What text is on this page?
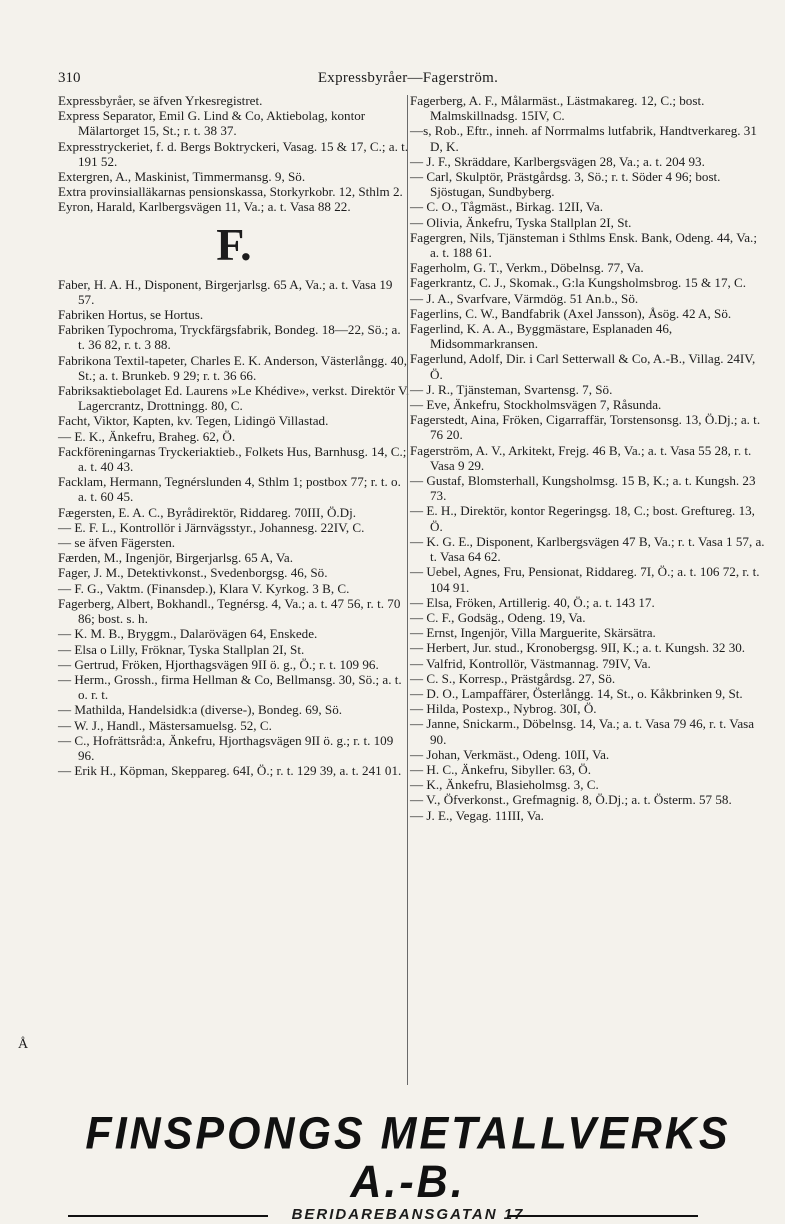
310	Expressbyråer—Fagerström.

Expressbyråer, se äfven Yrkesregistret.

Express Separator, Emil G. Lind & Co, Aktiebolag, kontor Mälartorget 15, St.; r. t. 38 37.

Expresstryckeriet, f. d. Bergs Boktryckeri, Vasag. 15 & 17, C.; a. t. 191 52.

Extergren, A., Maskinist, Timmermansg. 9, Sö.

Extra provinsialläkarnas pensionskassa, Storkyrkobr. 12, Sthlm 2.

Eyron, Harald, Karlbergsvägen 11, Va.; a. t. Vasa 88 22.

F.

Faber, H. A. H., Disponent, Birgerjarlsg. 65 A, Va.; a. t. Vasa 19 57.

Fabriken Hortus, se Hortus.

Fabriken Typochroma, Tryckfärgsfabrik, Bondeg. 18—22, Sö.; a. t. 36 82, r. t. 3 88.

Fabrikona Textil-tapeter, Charles E. K. Anderson, Västerlångg. 40, St.; a. t. Brunkeb. 9 29; r. t. 36 66.

Fabriksaktiebolaget Ed. Laurens »Le Khédive», verkst. Direktör V. Lagercrantz, Drottningg. 80, C.

Facht, Viktor, Kapten, kv. Tegen, Lidingö Villastad.

— E. K., Änkefru, Braheg. 62, Ö.

Fackföreningarnas Tryckeriaktieb., Folkets Hus, Barnhusg. 14, C.; a. t. 40 43.

Facklam, Hermann, Tegnérslunden 4, Sthlm 1; postbox 77; r. t. o. a. t. 60 45.

Fægersten, E. A. C., Byrådirektör, Riddareg. 70III, Ö.Dj.

— E. F. L., Kontrollör i Järnvägsstyr., Johannesg. 22IV, C.

— se äfven Fägersten.

Færden, M., Ingenjör, Birgerjarlsg. 65 A, Va.

Fager, J. M., Detektivkonst., Svedenborgsg. 46, Sö.

— F. G., Vaktm. (Finansdep.), Klara V. Kyrkog. 3 B, C.

Fagerberg, Albert, Bokhandl., Tegnérsg. 4, Va.; a. t. 47 56, r. t. 70 86; bost. s. h.

— K. M. B., Bryggm., Dalarövägen 64, Enskede.

— Elsa o Lilly, Fröknar, Tyska Stallplan 2I, St.

— Gertrud, Fröken, Hjorthagsvägen 9II ö. g., Ö.; r. t. 109 96.

— Herm., Grossh., firma Hellman & Co, Bellmansg. 30, Sö.; a. t. o. r. t.

— Mathilda, Handelsidk:a (diverse-), Bondeg. 69, Sö.

— W. J., Handl., Mästersamuelsg. 52, C.

— C., Hofrättsråd:a, Änkefru, Hjorthagsvägen 9II ö. g.; r. t. 109 96.

— Erik H., Köpman, Skeppareg. 64I, Ö.; r. t. 129 39, a. t. 241 01.

Fagerberg, A. F., Målarmäst., Lästmakareg. 12, C.; bost. Malmskillnadsg. 15IV, C.

—s, Rob., Eftr., inneh. af Norrmalms lutfabrik, Handtverkareg. 31 D, K.

— J. F., Skräddare, Karlbergsvägen 28, Va.; a. t. 204 93.

— Carl, Skulptör, Prästgårdsg. 3, Sö.; r. t. Söder 4 96; bost. Sjöstugan, Sundbyberg.

— C. O., Tågmäst., Birkag. 12II, Va.

— Olivia, Änkefru, Tyska Stallplan 2I, St.

Fagergren, Nils, Tjänsteman i Sthlms Ensk. Bank, Odeng. 44, Va.; a. t. 188 61.

Fagerholm, G. T., Verkm., Döbelnsg. 77, Va.

Fagerkrantz, C. J., Skomak., G:la Kungsholmsbrog. 15 & 17, C.

— J. A., Svarfvare, Värmdög. 51 An.b., Sö.

Fagerlins, C. W., Bandfabrik (Axel Jansson), Åsög. 42 A, Sö.

Fagerlind, K. A. A., Byggmästare, Esplanaden 46, Midsommarkransen.

Fagerlund, Adolf, Dir. i Carl Setterwall & Co, A.-B., Villag. 24IV, Ö.

— J. R., Tjänsteman, Svartensg. 7, Sö.

— Eve, Änkefru, Stockholmsvägen 7, Råsunda.

Fagerstedt, Aina, Fröken, Cigarraffär, Torstensonsg. 13, Ö.Dj.; a. t. 76 20.

Fagerström, A. V., Arkitekt, Frejg. 46 B, Va.; a. t. Vasa 55 28, r. t. Vasa 9 29.

— Gustaf, Blomsterhall, Kungsholmsg. 15 B, K.; a. t. Kungsh. 23 73.

— E. H., Direktör, kontor Regeringsg. 18, C.; bost. Greftureg. 13, Ö.

— K. G. E., Disponent, Karlbergsvägen 47 B, Va.; r. t. Vasa 1 57, a. t. Vasa 64 62.

— Uebel, Agnes, Fru, Pensionat, Riddareg. 7I, Ö.; a. t. 106 72, r. t. 104 91.

— Elsa, Fröken, Artillerig. 40, Ö.; a. t. 143 17.

— C. F., Godsäg., Odeng. 19, Va.

— Ernst, Ingenjör, Villa Marguerite, Skärsätra.

— Herbert, Jur. stud., Kronobergsg. 9II, K.; a. t. Kungsh. 32 30.

— Valfrid, Kontrollör, Västmannag. 79IV, Va.

— C. S., Korresp., Prästgårdsg. 27, Sö.

— D. O., Lampaffärer, Österlångg. 14, St., o. Kåkbrinken 9, St.

— Hilda, Postexp., Nybrog. 30I, Ö.

— Janne, Snickarm., Döbelnsg. 14, Va.; a. t. Vasa 79 46, r. t. Vasa 90.

— Johan, Verkmäst., Odeng. 10II, Va.

— H. C., Änkefru, Sibyllег. 63, Ö.

— K., Änkefru, Blasieholmsg. 3, C.

— V., Öfverkonst., Grefmagnig. 8, Ö.Dj.; a. t. Österm. 57 58.

— J. E., Vegag. 11III, Va.

Å
FINSPONGS METALLVERKS A.-B.
BERIDAREBANSGATAN 17
